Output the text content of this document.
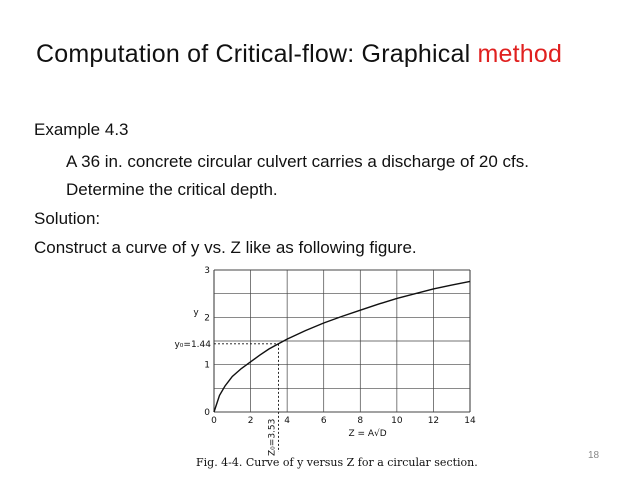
Computation of Critical-flow: Graphical method
Example 4.3
A 36 in. concrete circular culvert carries a discharge of 20 cfs.
Determine the critical depth.
Solution:
Construct a curve of y vs. Z like as following figure.
0	2	4	6	8	10	12	14
0
1
2
3
y
Z = A√D
y₀=1.44
Z₀=3.53
Fig. 4-4. Curve of y versus Z for a circular section.
18
